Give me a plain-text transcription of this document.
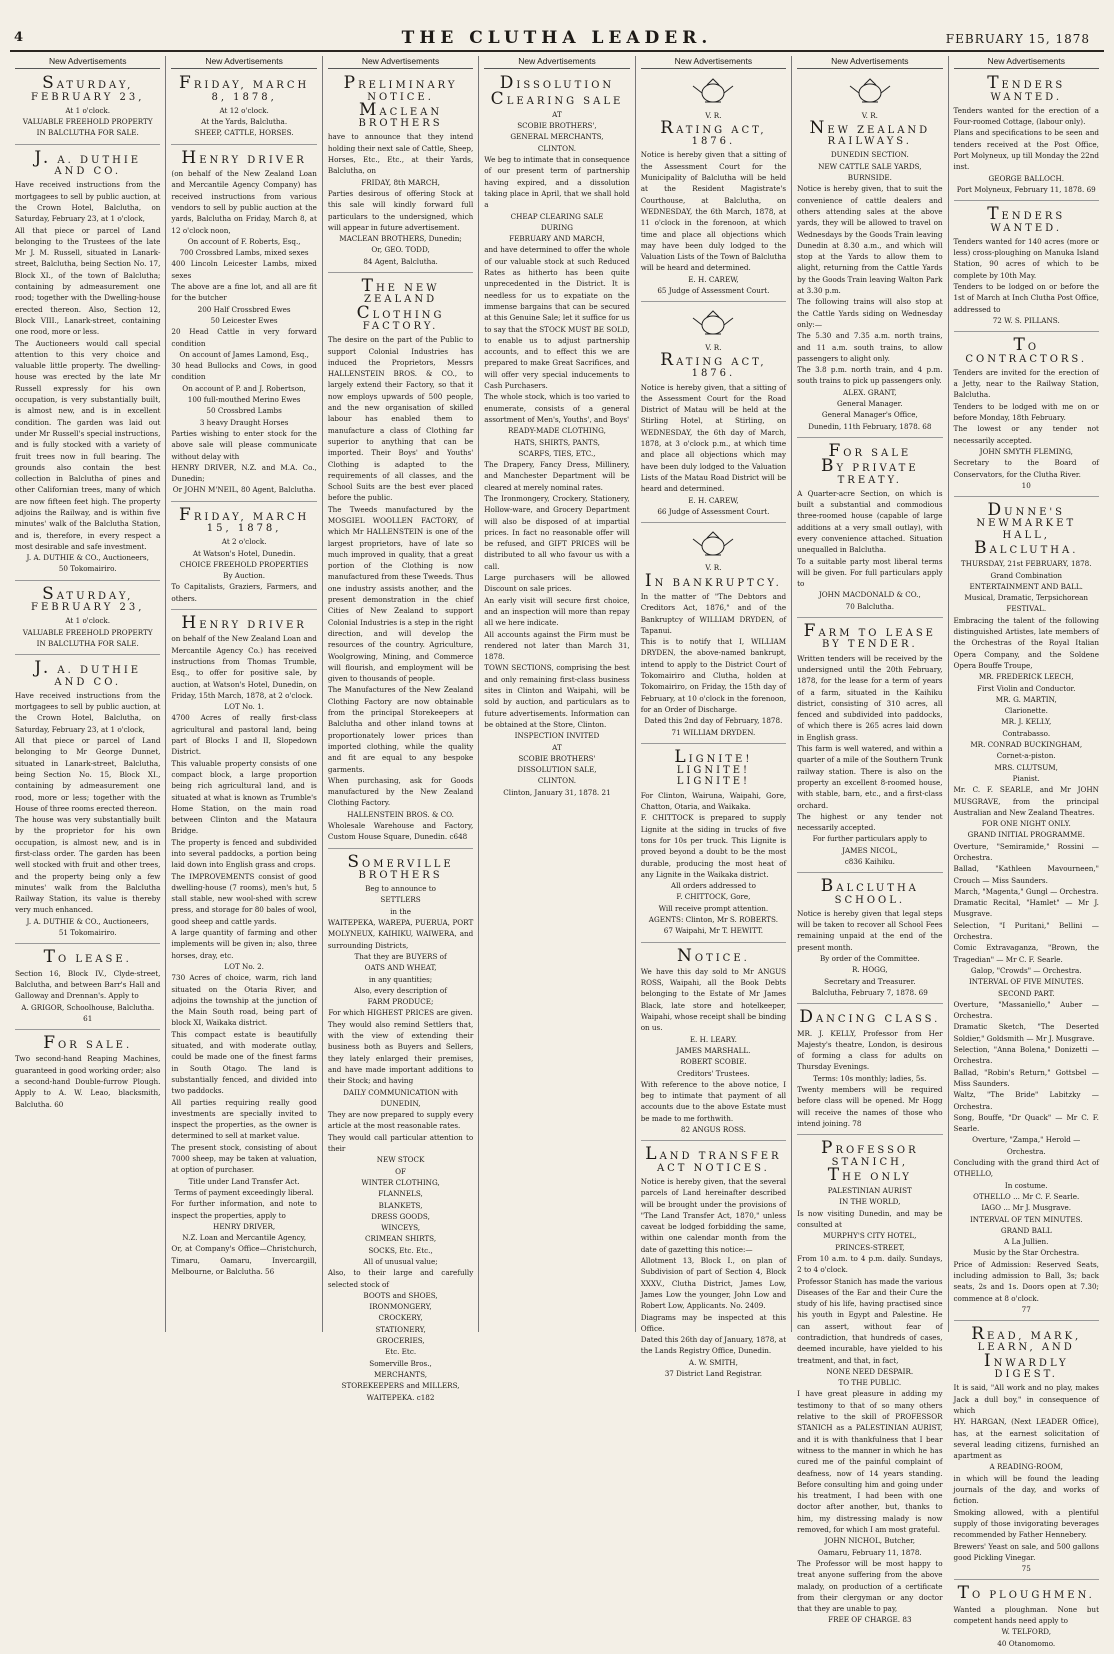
4	THE CLUTHA LEADER.	FEBRUARY 15, 1878
New Advertisements
SATURDAY, FEBRUARY 23,
At 1 o'clock.
VALUABLE FREEHOLD PROPERTY
IN BALCLUTHA FOR SALE.
J. A. DUTHIE AND CO.
Have received instructions from the mortgagees to sell by public auction, at the Crown Hotel, Balclutha, on Saturday, February 23, at 1 o'clock,
All that piece or parcel of Land belonging to the Trustees of the late Mr J. M. Russell, situated in Lanark-street, Balclutha, being Section No. 17, Block XI., of the town of Balclutha; containing by admeasurement one rood; together with the Dwelling-house erected thereon. Also, Section 12, Block VIII., Lanark-street, containing one rood, more or less.
The Auctioneers would call special attention to this very choice and valuable little property. The dwelling-house was erected by the late Mr Russell expressly for his own occupation, is very substantially built, is almost new, and is in excellent condition. The garden was laid out under Mr Russell's special instructions, and is fully stocked with a variety of fruit trees now in full bearing. The grounds also contain the best collection in Balclutha of pines and other Californian trees, many of which are now fifteen feet high. The property adjoins the Railway, and is within five minutes' walk of the Balclutha Station, and is, therefore, in every respect a most desirable and safe investment.
J. A. DUTHIE & CO., Auctioneers,
50 Tokomairiro.
SATURDAY, FEBRUARY 23,
At 1 o'clock.
VALUABLE FREEHOLD PROPERTY
IN BALCLUTHA FOR SALE.
J. A. DUTHIE AND CO.
Have received instructions from the mortgagees to sell by public auction, at the Crown Hotel, Balclutha, on Saturday, February 23, at 1 o'clock,
All that piece or parcel of Land belonging to Mr George Dunnet, situated in Lanark-street, Balclutha, being Section No. 15, Block XI., containing by admeasurement one rood, more or less; together with the House of three rooms erected thereon.
The house was very substantially built by the proprietor for his own occupation, is almost new, and is in first-class order. The garden has been well stocked with fruit and other trees, and the property being only a few minutes' walk from the Balclutha Railway Station, its value is thereby very much enhanced.
J. A. DUTHIE & CO., Auctioneers,
51 Tokomairiro.
TO LEASE.
Section 16, Block IV., Clyde-street, Balclutha, and between Barr's Hall and Galloway and Drennan's. Apply to
A. GRIGOR, Schoolhouse, Balclutha.
61
FOR SALE.
Two second-hand Reaping Machines, guaranteed in good working order; also a second-hand Double-furrow Plough. Apply to A. W. Leao, blacksmith, Balclutha. 60
New Advertisements
FRIDAY, MARCH 8, 1878,
At 12 o'clock.
At the Yards, Balclutha.
SHEEP, CATTLE, HORSES.
HENRY DRIVER
(on behalf of the New Zealand Loan and Mercantile Agency Company) has received instructions from various vendors to sell by public auction at the yards, Balclutha on Friday, March 8, at 12 o'clock noon,
On account of F. Roberts, Esq.,
700 Crossbred Lambs, mixed sexes
400 Lincoln Leicester Lambs, mixed sexes
The above are a fine lot, and all are fit for the butcher
200 Half Crossbred Ewes
50 Leicester Ewes
20 Head Cattle in very forward condition
On account of James Lamond, Esq.,
30 head Bullocks and Cows, in good condition
On account of P. and J. Robertson,
100 full-mouthed Merino Ewes
50 Crossbred Lambs
3 heavy Draught Horses
Parties wishing to enter stock for the above sale will please communicate without delay with
HENRY DRIVER, N.Z. and M.A. Co., Dunedin;
Or JOHN M'NEIL, 80 Agent, Balclutha.
FRIDAY, MARCH 15, 1878,
At 2 o'clock.
At Watson's Hotel, Dunedin.
CHOICE FREEHOLD PROPERTIES
By Auction.
To Capitalists, Graziers, Farmers, and others.
HENRY DRIVER
on behalf of the New Zealand Loan and Mercantile Agency Co.) has received instructions from Thomas Trumble, Esq., to offer for positive sale, by auction, at Watson's Hotel, Dunedin, on Friday, 15th March, 1878, at 2 o'clock.
LOT No. 1.
4700 Acres of really first-class agricultural and pastoral land, being part of Blocks I and II, Slopedown District.
This valuable property consists of one compact block, a large proportion being rich agricultural land, and is situated at what is known as Trumble's Home Station, on the main road between Clinton and the Mataura Bridge.
The property is fenced and subdivided into several paddocks, a portion being laid down into English grass and crops.
The IMPROVEMENTS consist of good dwelling-house (7 rooms), men's hut, 5 stall stable, new wool-shed with screw press, and storage for 80 bales of wool, good sheep and cattle yards.
A large quantity of farming and other implements will be given in; also, three horses, dray, etc.
LOT No. 2.
730 Acres of choice, warm, rich land situated on the Otaria River, and adjoins the township at the junction of the Main South road, being part of block XI, Waikaka district.
This compact estate is beautifully situated, and with moderate outlay, could be made one of the finest farms in South Otago. The land is substantially fenced, and divided into two paddocks.
All parties requiring really good investments are specially invited to inspect the properties, as the owner is determined to sell at market value.
The present stock, consisting of about 7000 sheep, may be taken at valuation, at option of purchaser.
Title under Land Transfer Act.
Terms of payment exceedingly liberal.
For further information, and note to inspect the properties, apply to
HENRY DRIVER,
N.Z. Loan and Mercantile Agency,
Or, at Company's Office—Christchurch, Timaru, Oamaru, Invercargill, Melbourne, or Balclutha. 56
New Advertisements
PRELIMINARY NOTICE.
MACLEAN BROTHERS
have to announce that they intend holding their next sale of Cattle, Sheep, Horses, Etc., Etc., at their Yards, Balclutha, on
FRIDAY, 8th MARCH,
Parties desirous of offering Stock at this sale will kindly forward full particulars to the undersigned, which will appear in future advertisement.
MACLEAN BROTHERS, Dunedin;
Or, GEO. TODD,
84 Agent, Balclutha.
THE NEW ZEALAND
CLOTHING FACTORY.
The desire on the part of the Public to support Colonial Industries has induced the Proprietors, Messrs HALLENSTEIN BROS. & CO., to largely extend their Factory, so that it now employs upwards of 500 people, and the new organisation of skilled labour has enabled them to manufacture a class of Clothing far superior to anything that can be imported. Their Boys' and Youths' Clothing is adapted to the requirements of all classes, and the School Suits are the best ever placed before the public.
The Tweeds manufactured by the MOSGIEL WOOLLEN FACTORY, of which Mr HALLENSTEIN is one of the largest proprietors, have of late so much improved in quality, that a great portion of the Clothing is now manufactured from these Tweeds. Thus one industry assists another, and the present demonstration in the chief Cities of New Zealand to support Colonial Industries is a step in the right direction, and will develop the resources of the country. Agriculture, Woolgrowing, Mining, and Commerce will flourish, and employment will be given to thousands of people.
The Manufactures of the New Zealand Clothing Factory are now obtainable from the principal Storekeepers at Balclutha and other inland towns at proportionately lower prices than imported clothing, while the quality and fit are equal to any bespoke garments.
When purchasing, ask for Goods manufactured by the New Zealand Clothing Factory.
HALLENSTEIN BROS. & CO.
Wholesale Warehouse and Factory, Custom House Square, Dunedin. c648
SOMERVILLE BROTHERS
Beg to announce to
SETTLERS
in the
WAITEPEKA, WAREPA, PUERUA, PORT MOLYNEUX, KAIHIKU, WAIWERA, and surrounding Districts,
That they are BUYERS of
OATS AND WHEAT,
in any quantities;
Also, every description of
FARM PRODUCE;
For which HIGHEST PRICES are given.
They would also remind Settlers that, with the view of extending their business both as Buyers and Sellers, they lately enlarged their premises, and have made important additions to their Stock; and having
DAILY COMMUNICATION with DUNEDIN,
They are now prepared to supply every article at the most reasonable rates.
They would call particular attention to their
NEW STOCK
OF
WINTER CLOTHING,
FLANNELS,
BLANKETS,
DRESS GOODS,
WINCEYS,
CRIMEAN SHIRTS,
SOCKS, Etc. Etc.,
All of unusual value;
Also, to their large and carefully selected stock of
BOOTS and SHOES,
IRONMONGERY,
CROCKERY,
STATIONERY,
GROCERIES,
Etc. Etc.
Somerville Bros.,
MERCHANTS,
STOREKEEPERS and MILLERS,
WAITEPEKA. c182
New Advertisements
DISSOLUTION
CLEARING SALE
AT
SCOBIE BROTHERS',
GENERAL MERCHANTS,
CLINTON.
We beg to intimate that in consequence of our present term of partnership having expired, and a dissolution taking place in April, that we shall hold a
CHEAP CLEARING SALE
DURING
FEBRUARY AND MARCH,
and have determined to offer the whole of our valuable stock at such Reduced Rates as hitherto has been quite unprecedented in the District. It is needless for us to expatiate on the immense bargains that can be secured at this Genuine Sale; let it suffice for us to say that the STOCK MUST BE SOLD, to enable us to adjust partnership accounts, and to effect this we are prepared to make Great Sacrifices, and will offer very special inducements to Cash Purchasers.
The whole stock, which is too varied to enumerate, consists of a general assortment of Men's, Youths', and Boys'
READY-MADE CLOTHING,
HATS, SHIRTS, PANTS,
SCARFS, TIES, ETC.,
The Drapery, Fancy Dress, Millinery, and Manchester Department will be cleared at merely nominal rates.
The Ironmongery, Crockery, Stationery, Hollow-ware, and Grocery Department will also be disposed of at impartial prices. In fact no reasonable offer will be refused, and GIFT PRICES will be distributed to all who favour us with a call.
Large purchasers will be allowed Discount on sale prices.
An early visit will secure first choice, and an inspection will more than repay all we here indicate.
All accounts against the Firm must be rendered not later than March 31, 1878.
TOWN SECTIONS, comprising the best and only remaining first-class business sites in Clinton and Waipahi, will be sold by auction, and particulars as to future advertisements. Information can be obtained at the Store, Clinton.
INSPECTION INVITED
AT
SCOBIE BROTHERS'
DISSOLUTION SALE,
CLINTON.
Clinton, January 31, 1878. 21
New Advertisements
V. R.
RATING ACT, 1876.
Notice is hereby given that a sitting of the Assessment Court for the Municipality of Balclutha will be held at the Resident Magistrate's Courthouse, at Balclutha, on WEDNESDAY, the 6th March, 1878, at 11 o'clock in the forenoon, at which time and place all objections which may have been duly lodged to the Valuation Lists of the Town of Balclutha will be heard and determined.
E. H. CAREW,
65 Judge of Assessment Court.
V. R.
RATING ACT, 1876.
Notice is hereby given, that a sitting of the Assessment Court for the Road District of Matau will be held at the Stirling Hotel, at Stirling, on WEDNESDAY, the 6th day of March, 1878, at 3 o'clock p.m., at which time and place all objections which may have been duly lodged to the Valuation Lists of the Matau Road District will be heard and determined.
E. H. CAREW,
66 Judge of Assessment Court.
V. R.
IN BANKRUPTCY.
In the matter of "The Debtors and Creditors Act, 1876," and of the Bankruptcy of WILLIAM DRYDEN, of Tapanui.
This is to notify that I, WILLIAM DRYDEN, the above-named bankrupt, intend to apply to the District Court of Tokomairiro and Clutha, holden at Tokomairiro, on Friday, the 15th day of February, at 10 o'clock in the forenoon, for an Order of Discharge.
Dated this 2nd day of February, 1878.
71 WILLIAM DRYDEN.
LIGNITE! LIGNITE! LIGNITE!
For Clinton, Wairuna, Waipahi, Gore, Chatton, Otaria, and Waikaka.
F. CHITTOCK is prepared to supply Lignite at the siding in trucks of five tons for 10s per truck. This Lignite is proved beyond a doubt to be the most durable, producing the most heat of any Lignite in the Waikaka district.
All orders addressed to
F. CHITTOCK, Gore,
Will receive prompt attention.
AGENTS: Clinton, Mr S. ROBERTS.
67 Waipahi, Mr T. HEWITT.
NOTICE.
We have this day sold to Mr ANGUS ROSS, Waipahi, all the Book Debts belonging to the Estate of Mr James Black, late store and hotelkeeper, Waipahi, whose receipt shall be binding on us.
E. H. LEARY.
JAMES MARSHALL.
ROBERT SCOBIE.
Creditors' Trustees.
With reference to the above notice, I beg to intimate that payment of all accounts due to the above Estate must be made to me forthwith.
82 ANGUS ROSS.
LAND TRANSFER ACT NOTICES.
Notice is hereby given, that the several parcels of Land hereinafter described will be brought under the provisions of "The Land Transfer Act, 1870," unless caveat be lodged forbidding the same, within one calendar month from the date of gazetting this notice:—
Allotment 13, Block I., on plan of Subdivision of part of Section 4, Block XXXV., Clutha District, James Low, James Low the younger, John Low and Robert Low, Applicants. No. 2409.
Diagrams may be inspected at this Office.
Dated this 26th day of January, 1878, at the Lands Registry Office, Dunedin.
A. W. SMITH,
37 District Land Registrar.
New Advertisements
V. R.
NEW ZEALAND RAILWAYS.
DUNEDIN SECTION.
NEW CATTLE SALE YARDS, BURNSIDE.
Notice is hereby given, that to suit the convenience of cattle dealers and others attending sales at the above yards, they will be allowed to travel on Wednesdays by the Goods Train leaving Dunedin at 8.30 a.m., and which will stop at the Yards to allow them to alight, returning from the Cattle Yards by the Goods Train leaving Walton Park at 3.30 p.m.
The following trains will also stop at the Cattle Yards siding on Wednesday only:—
The 5.30 and 7.35 a.m. north trains, and 11 a.m. south trains, to allow passengers to alight only.
The 3.8 p.m. north train, and 4 p.m. south trains to pick up passengers only.
ALEX. GRANT,
General Manager.
General Manager's Office,
Dunedin, 11th February, 1878. 68
FOR SALE
BY PRIVATE TREATY.
A Quarter-acre Section, on which is built a substantial and commodious three-roomed house (capable of large additions at a very small outlay), with every convenience attached. Situation unequalled in Balclutha.
To a suitable party most liberal terms will be given. For full particulars apply to
JOHN MACDONALD & CO.,
70 Balclutha.
FARM TO LEASE BY TENDER.
Written tenders will be received by the undersigned until the 20th February, 1878, for the lease for a term of years of a farm, situated in the Kaihiku district, consisting of 310 acres, all fenced and subdivided into paddocks, of which there is 265 acres laid down in English grass.
This farm is well watered, and within a quarter of a mile of the Southern Trunk railway station. There is also on the property an excellent 8-roomed house, with stable, barn, etc., and a first-class orchard.
The highest or any tender not necessarily accepted.
For further particulars apply to
JAMES NICOL,
c836 Kaihiku.
BALCLUTHA SCHOOL.
Notice is hereby given that legal steps will be taken to recover all School Fees remaining unpaid at the end of the present month.
By order of the Committee.
R. HOGG,
Secretary and Treasurer.
Balclutha, February 7, 1878. 69
DANCING CLASS.
MR. J. KELLY, Professor from Her Majesty's theatre, London, is desirous of forming a class for adults on Thursday Evenings.
Terms: 10s monthly; ladies, 5s.
Twenty members will be required before class will be opened. Mr Hogg will receive the names of those who intend joining. 78
PROFESSOR STANICH,
THE ONLY
PALESTINIAN AURIST
IN THE WORLD,
Is now visiting Dunedin, and may be consulted at
MURPHY'S CITY HOTEL,
PRINCES-STREET,
From 10 a.m. to 4 p.m. daily. Sundays, 2 to 4 o'clock.
Professor Stanich has made the various Diseases of the Ear and their Cure the study of his life, having practised since his youth in Egypt and Palestine. He can assert, without fear of contradiction, that hundreds of cases, deemed incurable, have yielded to his treatment, and that, in fact,
NONE NEED DESPAIR.
TO THE PUBLIC.
I have great pleasure in adding my testimony to that of so many others relative to the skill of PROFESSOR STANICH as a PALESTINIAN AURIST, and it is with thankfulness that I bear witness to the manner in which he has cured me of the painful complaint of deafness, now of 14 years standing. Before consulting him and going under his treatment, I had been with one doctor after another, but, thanks to him, my distressing malady is now removed, for which I am most grateful.
JOHN NICHOL, Butcher,
Oamaru, February 11, 1878.
The Professor will be most happy to treat anyone suffering from the above malady, on production of a certificate from their clergyman or any doctor that they are unable to pay,
FREE OF CHARGE. 83
New Advertisements
TENDERS WANTED.
Tenders wanted for the erection of a Four-roomed Cottage, (labour only).
Plans and specifications to be seen and tenders received at the Post Office, Port Molyneux, up till Monday the 22nd inst.
GEORGE BALLOCH.
Port Molyneux, February 11, 1878. 69
TENDERS WANTED.
Tenders wanted for 140 acres (more or less) cross-ploughing on Manuka Island Station, 90 acres of which to be complete by 10th May.
Tenders to be lodged on or before the 1st of March at Inch Clutha Post Office, addressed to
72 W. S. PILLANS.
TO CONTRACTORS.
Tenders are invited for the erection of a Jetty, near to the Railway Station, Balclutha.
Tenders to be lodged with me on or before Monday, 18th February.
The lowest or any tender not necessarily accepted.
JOHN SMYTH FLEMING,
Secretary to the Board of Conservators, for the Clutha River.
10
DUNNE'S NEWMARKET HALL,
BALCLUTHA.
THURSDAY, 21st FEBRUARY, 1878.
Grand Combination
ENTERTAINMENT AND BALL.
Musical, Dramatic, Terpsichorean
FESTIVAL.
Embracing the talent of the following distinguished Artistes, late members of the Orchestras of the Royal Italian Opera Company, and the Soldene Opera Bouffe Troupe,
MR. FREDERICK LEECH,
First Violin and Conductor.
MR. G. MARTIN,
Clarionette.
MR. J. KELLY,
Contrabasso.
MR. CONRAD BUCKINGHAM,
Cornet-a-piston.
MRS. CLUTSUM,
Pianist.
Mr. C. F. SEARLE, and Mr JOHN MUSGRAVE, from the principal Australian and New Zealand Theatres.
FOR ONE NIGHT ONLY.
GRAND INITIAL PROGRAMME.
Overture, "Semiramide," Rossini — Orchestra.
Ballad, "Kathleen Mavourneen," Crouch — Miss Saunders.
March, "Magenta," Gungl — Orchestra.
Dramatic Recital, "Hamlet" — Mr J. Musgrave.
Selection, "I Puritani," Bellini — Orchestra.
Comic Extravaganza, "Brown, the Tragedian" — Mr C. F. Searle.
Galop, "Crowds" — Orchestra.
INTERVAL OF FIVE MINUTES.
SECOND PART.
Overture, "Massaniello," Auber — Orchestra.
Dramatic Sketch, "The Deserted Soldier," Goldsmith — Mr J. Musgrave.
Selection, "Anna Bolena," Donizetti — Orchestra.
Ballad, "Robin's Return," Gottsbel — Miss Saunders.
Waltz, "The Bride" Labitzky — Orchestra.
Song, Bouffe, "Dr Quack" — Mr C. F. Searle.
Overture, "Zampa," Herold — Orchestra.
Concluding with the grand third Act of OTHELLO,
In costume.
OTHELLO ... Mr C. F. Searle.
IAGO ... Mr J. Musgrave.
INTERVAL OF TEN MINUTES.
GRAND BALL
A La Jullien.
Music by the Star Orchestra.
Price of Admission: Reserved Seats, including admission to Ball, 3s; back seats, 2s and 1s. Doors open at 7.30; commence at 8 o'clock.
77
READ, MARK, LEARN, AND
INWARDLY DIGEST.
It is said, "All work and no play, makes Jack a dull boy," in consequence of which
HY. HARGAN, (Next LEADER Office), has, at the earnest solicitation of several leading citizens, furnished an apartment as
A READING-ROOM,
in which will be found the leading journals of the day, and works of fiction.
Smoking allowed, with a plentiful supply of those invigorating beverages recommended by Father Hennebery.
Brewers' Yeast on sale, and 500 gallons good Pickling Vinegar.
75
TO PLOUGHMEN.
Wanted a ploughman. None but competent hands need apply to
W. TELFORD,
40 Otanomomo.
